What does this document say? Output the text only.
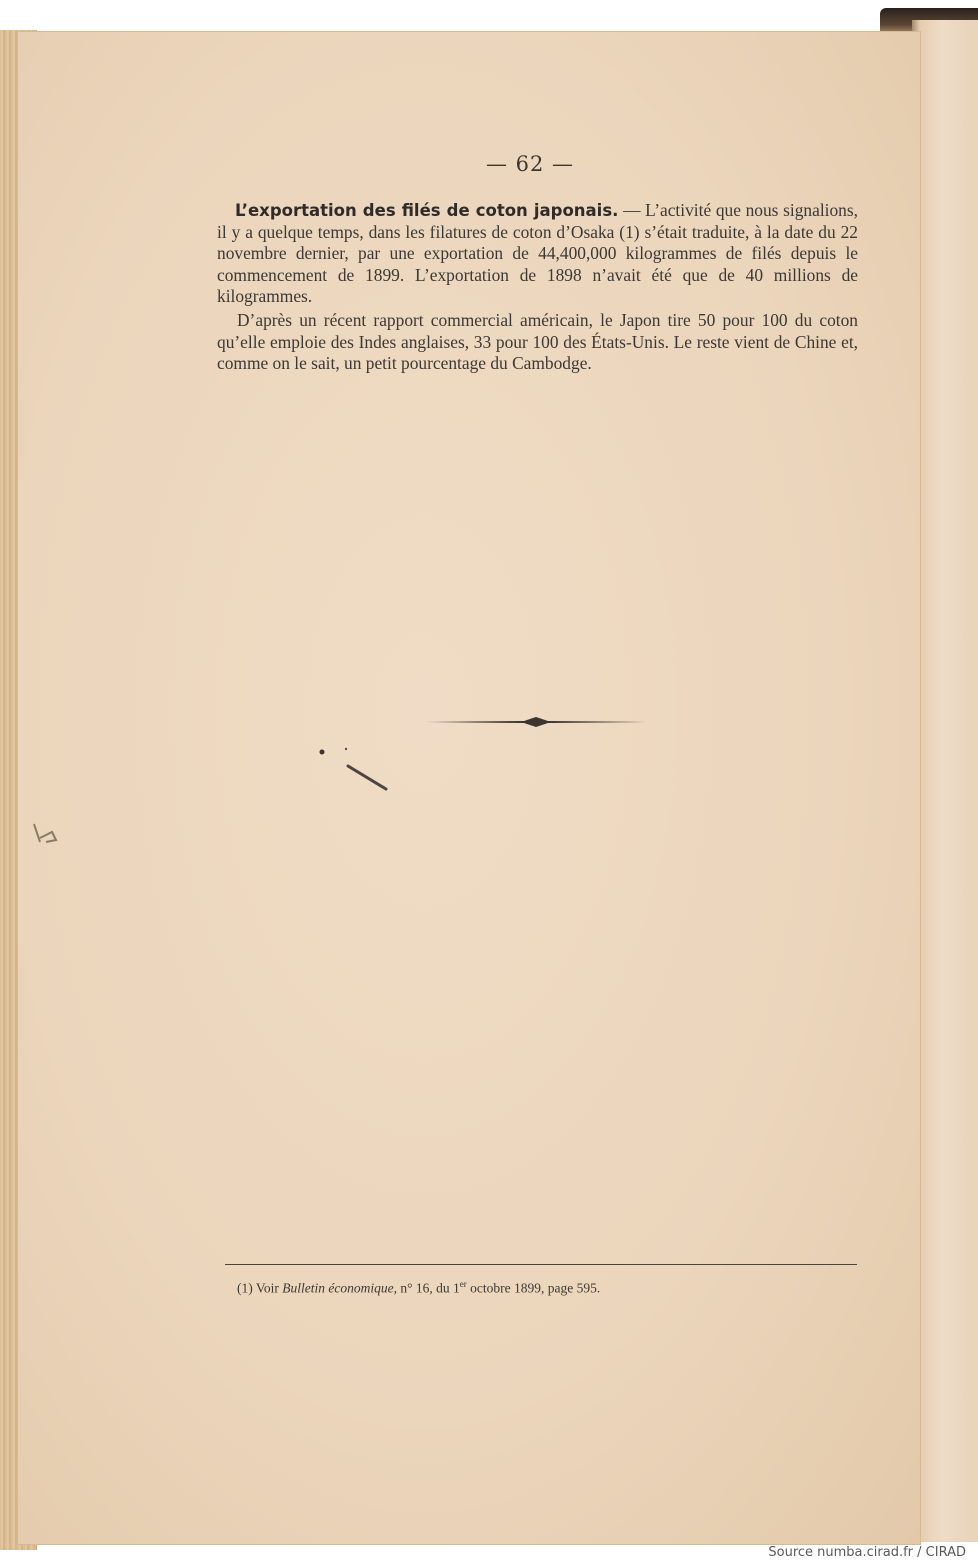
— 62 —

L’exportation des filés de coton japonais. — L’activité que nous signalions, il y a quelque temps, dans les filatures de coton d’Osaka (1) s’était traduite, à la date du 22 novembre dernier, par une exportation de 44,400,000 kilogrammes de filés depuis le commencement de 1899. L’exportation de 1898 n’avait été que de 40 millions de kilogrammes.

D’après un récent rapport commercial américain, le Japon tire 50 pour 100 du coton qu’elle emploie des Indes anglaises, 33 pour 100 des États-Unis. Le reste vient de Chine et, comme on le sait, un petit pourcentage du Cambodge.

(1) Voir Bulletin économique, n° 16, du 1er octobre 1899, page 595.
Source numba.cirad.fr / CIRAD
